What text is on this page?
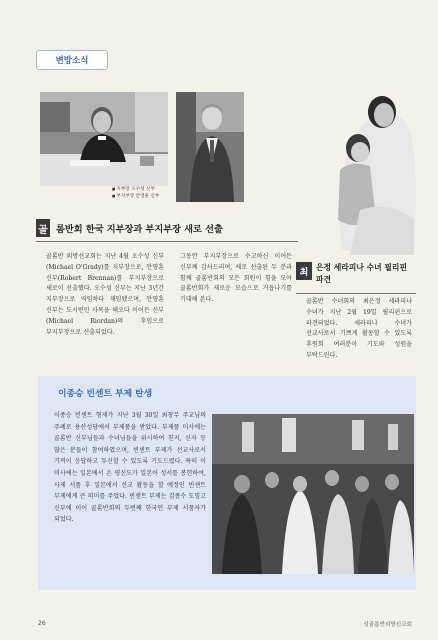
변방소식
■ 지부장 오수성 신부
■ 부지부장 안영훈 신부
골 롬반회 한국 지부장과 부지부장 새로 선출

골롬반 외방선교회는 지난 4월 오수성 신부(Michael O'Grady)를 지부장으로, 안영훈 신부(Robert Brennan)를 부지부장으로 새로이 선출했다. 오수성 신부는 지난 3년간 지부장으로 역임하다 재임됐으며, 안영훈 신부는 도시빈민 사목을 해오다 이어든 신부(Michael Riordan)의 후임으로 부지부장으로 선출되었다.

그동안 부지부장으로 수고하신 이어든 신부께 감사드리며, 새로 선출된 두 분과 함께 골롬반회의 모든 회원이 힘을 모아 골롬반회가 새로운 모습으로 거듭나기를 기대해 본다.

최 은정 세라피나 수녀 필리핀 파견

골롬반 수녀회의 최은정 세라피나 수녀가 지난 2월 19일 필리핀으로 파견되었다. 세라피나 수녀가 선교사로서 기쁘게 활동할 수 있도록 후원회 여러분이 기도와 성원을 부탁드린다.

이종승 빈센트 부제 탄생

이종승 빈센트 형제가 지난 3월 30일 최창무 주교님의 주례로 용산성당에서 부제품을 받았다. 부제품 미사에는 골롬반 신부님들과 수녀님들을 위시하여 친지, 신자 등 많은 분들이 참여하였으며, 빈센트 부제가 선교사로서 기꺼이 응답하고 투신할 수 있도록 기도드렸다. 특히 이 미사에는 일본에서 온 평신도가 일본어 성서를 봉헌하여, 사제 서품 후 일본에서 선교 활동을 할 예정인 빈센트 부제에게 큰 의미를 주었다. 빈센트 부제는 김종수 도밍고 신부에 이어 골롬반회의 두번째 한국인 부제 서품자가 되었다.

26	성골롬반외방선교회
